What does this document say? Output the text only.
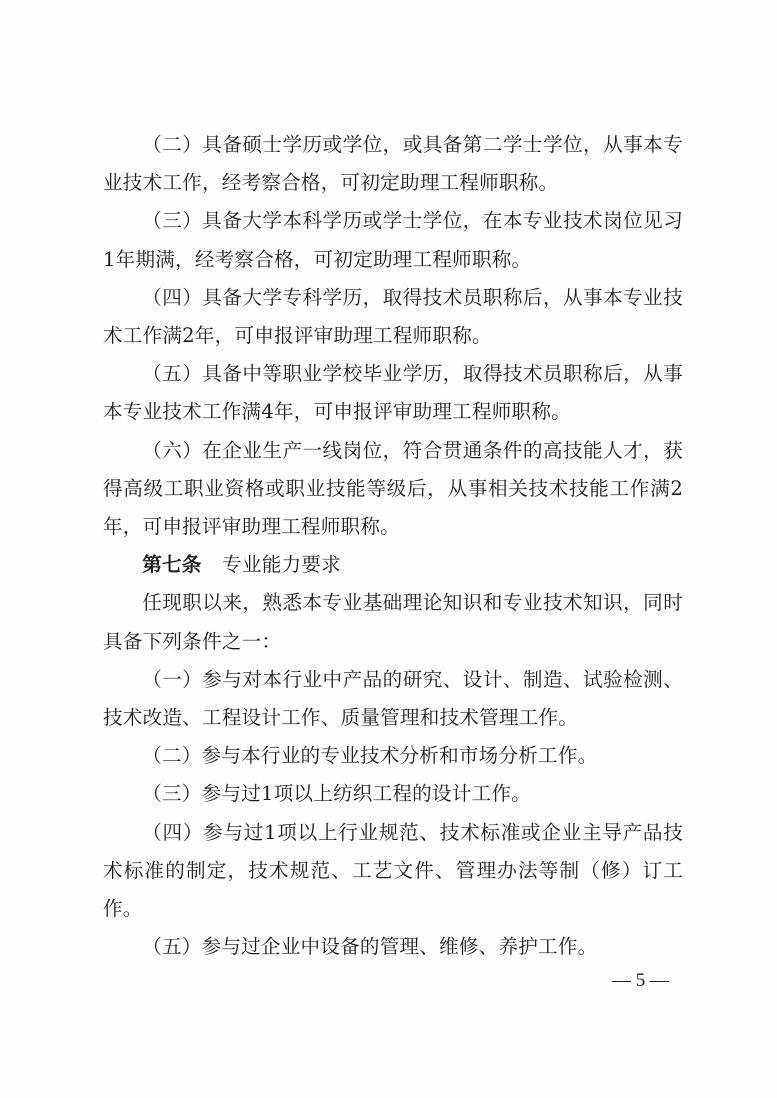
（二）具备硕士学历或学位，或具备第二学士学位，从事本专业技术工作，经考察合格，可初定助理工程师职称。

（三）具备大学本科学历或学士学位，在本专业技术岗位见习1年期满，经考察合格，可初定助理工程师职称。

（四）具备大学专科学历，取得技术员职称后，从事本专业技术工作满2年，可申报评审助理工程师职称。

（五）具备中等职业学校毕业学历，取得技术员职称后，从事本专业技术工作满4年，可申报评审助理工程师职称。

（六）在企业生产一线岗位，符合贯通条件的高技能人才，获得高级工职业资格或职业技能等级后，从事相关技术技能工作满2年，可申报评审助理工程师职称。

第七条 专业能力要求

任现职以来，熟悉本专业基础理论知识和专业技术知识，同时具备下列条件之一：

（一）参与对本行业中产品的研究、设计、制造、试验检测、技术改造、工程设计工作、质量管理和技术管理工作。

（二）参与本行业的专业技术分析和市场分析工作。

（三）参与过1项以上纺织工程的设计工作。

（四）参与过1项以上行业规范、技术标准或企业主导产品技术标准的制定，技术规范、工艺文件、管理办法等制（修）订工作。

（五）参与过企业中设备的管理、维修、养护工作。

— 5 —
